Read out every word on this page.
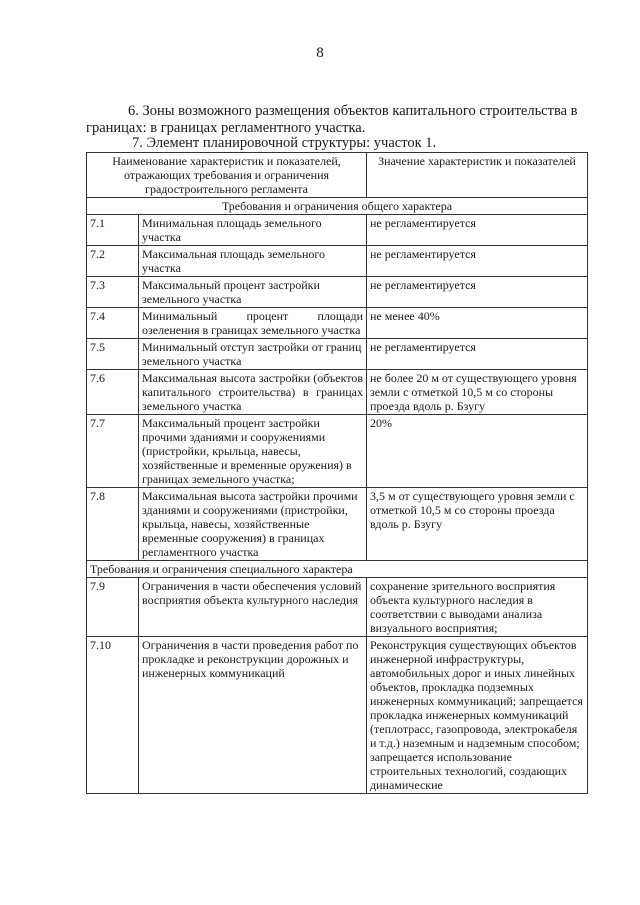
8
6. Зоны возможного размещения объектов капитального строительства в
границах: в границах регламентного участка.
7. Элемент планировочной структуры: участок 1.
Наименование характеристик и показателей, отражающих требования и ограничения градостроительного регламента		Значение характеристик и показателей
Требования и ограничения общего характера		
7.1	Минимальная площадь земельного участка	не регламентируется
7.2	Максимальная площадь земельного участка	не регламентируется
7.3	Максимальный процент застройки земельного участка	не регламентируется
7.4	Минимальный процент площади озеленения в границах земельного участка	не менее 40%
7.5	Минимальный отступ застройки от границ земельного участка	не регламентируется
7.6	Максимальная высота застройки (объектов капитального строительства) в границах земельного участка	не более 20 м от существующего уровня земли с отметкой 10,5 м со стороны проезда вдоль р. Бзугу
7.7	Максимальный процент застройки прочими зданиями и сооружениями (пристройки, крыльца, навесы, хозяйственные и временные оружения) в границах земельного участка;	20%
7.8	Максимальная высота застройки прочими зданиями и сооружениями (пристройки, крыльца, навесы, хозяйственные временные сооружения) в границах регламентного участка	3,5 м от существующего уровня земли с отметкой 10,5 м со стороны проезда вдоль р. Бзугу
Требования и ограничения специального характера		
7.9	Ограничения в части обеспечения условий восприятия объекта культурного наследия	сохранение зрительного восприятия объекта культурного наследия в соответствии с выводами анализа визуального восприятия;
7.10	Ограничения в части проведения работ по прокладке и реконструкции дорожных и инженерных коммуникаций	Реконструкция существующих объектов инженерной инфраструктуры, автомобильных дорог и иных линейных объектов, прокладка подземных инженерных коммуникаций; запрещается прокладка инженерных коммуникаций (теплотрасс, газопровода, электрокабеля и т.д.) наземным и надземным способом; запрещается использование строительных технологий, создающих динамические
